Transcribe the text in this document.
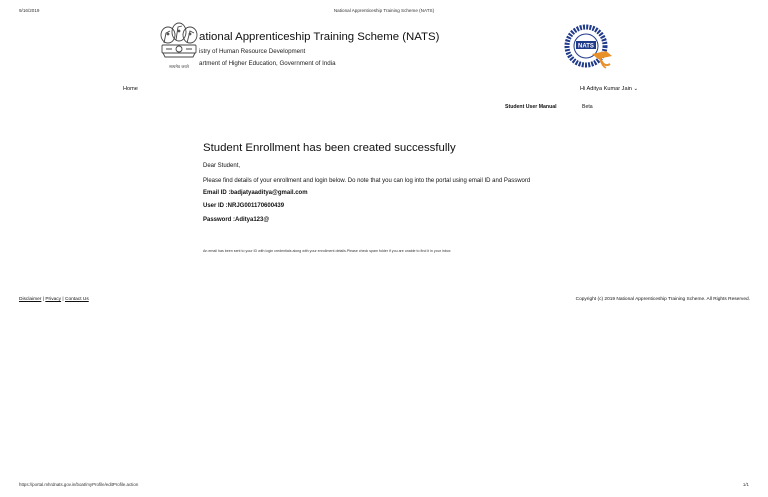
9/16/2019	National Apprenticeship Training Scheme (NATS)
सत्यमेव जयते
ational Apprenticeship Training Scheme (NATS)
istry of Human Resource Development
artment of Higher Education, Government of India
NATS
Home	Hi Aditya Kumar Jain ⌄
Student User Manual	Beta
Student Enrollment has been created successfully
Dear Student,
Please find details of your enrollment and login below. Do note that you can log into the portal using email ID and Password
Email ID :badjatyaaditya@gmail.com
User ID :NRJG001170600439
Password :Aditya123@
An email has been sent to your ID with login credentials along with your enrollment details.Please check spam folder if you are unable to find it in your inbox
Disclaimer | Privacy | Contact Us	Copyright (c) 2019 National Apprenticeship Training Scheme. All Rights Reserved.
https://portal.mhrdnats.gov.in/boat/myProfile/editProfile.action	1/1
